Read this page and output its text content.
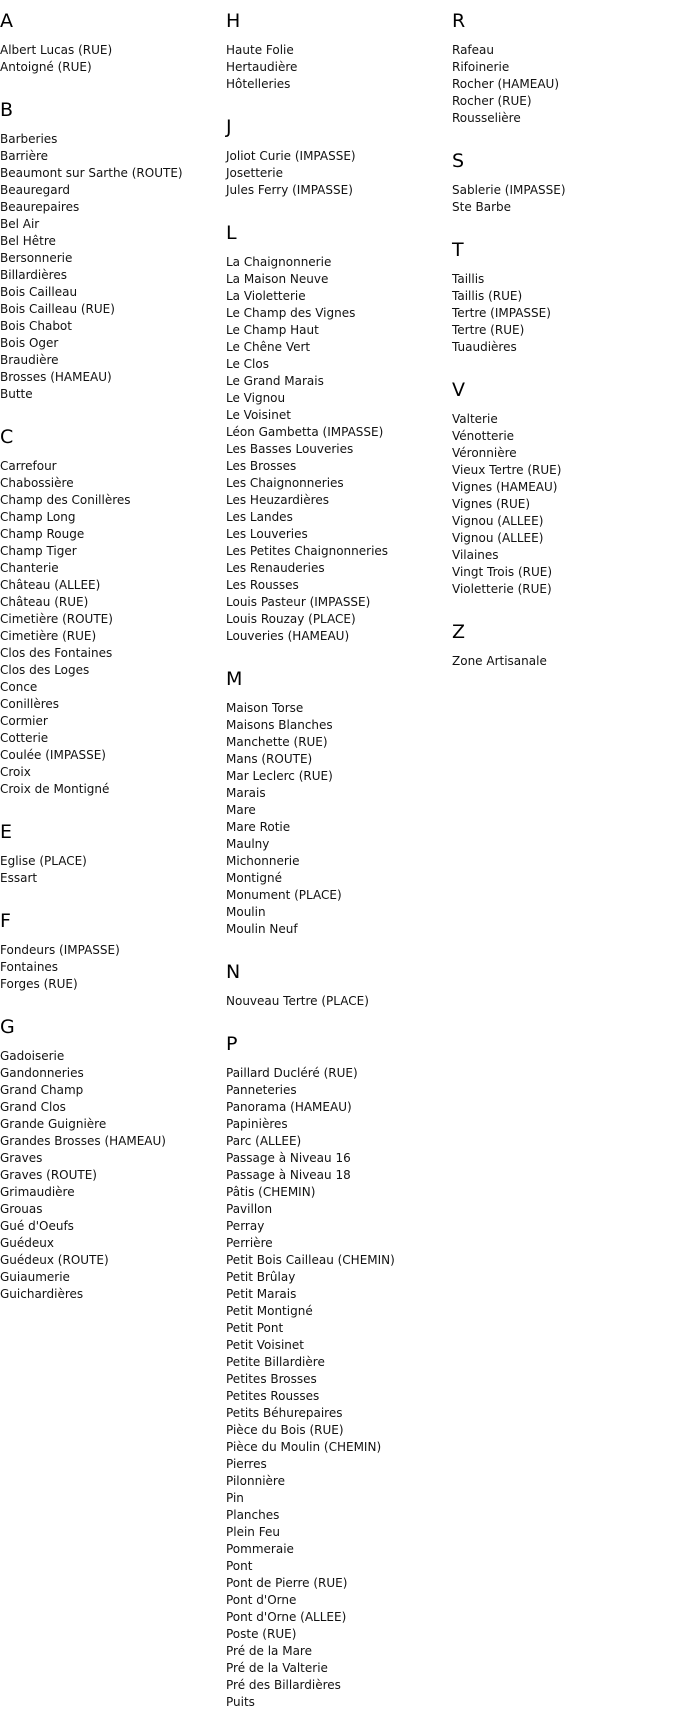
A
Albert Lucas (RUE)
Antoigné (RUE)
B
Barberies
Barrière
Beaumont sur Sarthe (ROUTE)
Beauregard
Beaurepaires
Bel Air
Bel Hêtre
Bersonnerie
Billardières
Bois Cailleau
Bois Cailleau (RUE)
Bois Chabot
Bois Oger
Braudière
Brosses (HAMEAU)
Butte
C
Carrefour
Chabossière
Champ des Conillères
Champ Long
Champ Rouge
Champ Tiger
Chanterie
Château (ALLEE)
Château (RUE)
Cimetière (ROUTE)
Cimetière (RUE)
Clos des Fontaines
Clos des Loges
Conce
Conillères
Cormier
Cotterie
Coulée (IMPASSE)
Croix
Croix de Montigné
E
Eglise (PLACE)
Essart
F
Fondeurs (IMPASSE)
Fontaines
Forges (RUE)
G
Gadoiserie
Gandonneries
Grand Champ
Grand Clos
Grande Guignière
Grandes Brosses (HAMEAU)
Graves
Graves (ROUTE)
Grimaudière
Grouas
Gué d'Oeufs
Guédeux
Guédeux (ROUTE)
Guiaumerie
Guichardières
H
Haute Folie
Hertaudière
Hôtelleries
J
Joliot Curie (IMPASSE)
Josetterie
Jules Ferry (IMPASSE)
L
La Chaignonnerie
La Maison Neuve
La Violetterie
Le Champ des Vignes
Le Champ Haut
Le Chêne Vert
Le Clos
Le Grand Marais
Le Vignou
Le Voisinet
Léon Gambetta (IMPASSE)
Les Basses Louveries
Les Brosses
Les Chaignonneries
Les Heuzardières
Les Landes
Les Louveries
Les Petites Chaignonneries
Les Renauderies
Les Rousses
Louis Pasteur (IMPASSE)
Louis Rouzay (PLACE)
Louveries (HAMEAU)
M
Maison Torse
Maisons Blanches
Manchette (RUE)
Mans (ROUTE)
Mar Leclerc (RUE)
Marais
Mare
Mare Rotie
Maulny
Michonnerie
Montigné
Monument (PLACE)
Moulin
Moulin Neuf
N
Nouveau Tertre (PLACE)
P
Paillard Ducléré (RUE)
Panneteries
Panorama (HAMEAU)
Papinières
Parc (ALLEE)
Passage à Niveau 16
Passage à Niveau 18
Pâtis (CHEMIN)
Pavillon
Perray
Perrière
Petit Bois Cailleau (CHEMIN)
Petit Brûlay
Petit Marais
Petit Montigné
Petit Pont
Petit Voisinet
Petite Billardière
Petites Brosses
Petites Rousses
Petits Béhurepaires
Pièce du Bois (RUE)
Pièce du Moulin (CHEMIN)
Pierres
Pilonnière
Pin
Planches
Plein Feu
Pommeraie
Pont
Pont de Pierre (RUE)
Pont d'Orne
Pont d'Orne (ALLEE)
Poste (RUE)
Pré de la Mare
Pré de la Valterie
Pré des Billardières
Puits
R
Rafeau
Rifoinerie
Rocher (HAMEAU)
Rocher (RUE)
Rousselière
S
Sablerie (IMPASSE)
Ste Barbe
T
Taillis
Taillis (RUE)
Tertre (IMPASSE)
Tertre (RUE)
Tuaudières
V
Valterie
Vénotterie
Véronnière
Vieux Tertre (RUE)
Vignes (HAMEAU)
Vignes (RUE)
Vignou (ALLEE)
Vignou (ALLEE)
Vilaines
Vingt Trois (RUE)
Violetterie (RUE)
Z
Zone Artisanale
